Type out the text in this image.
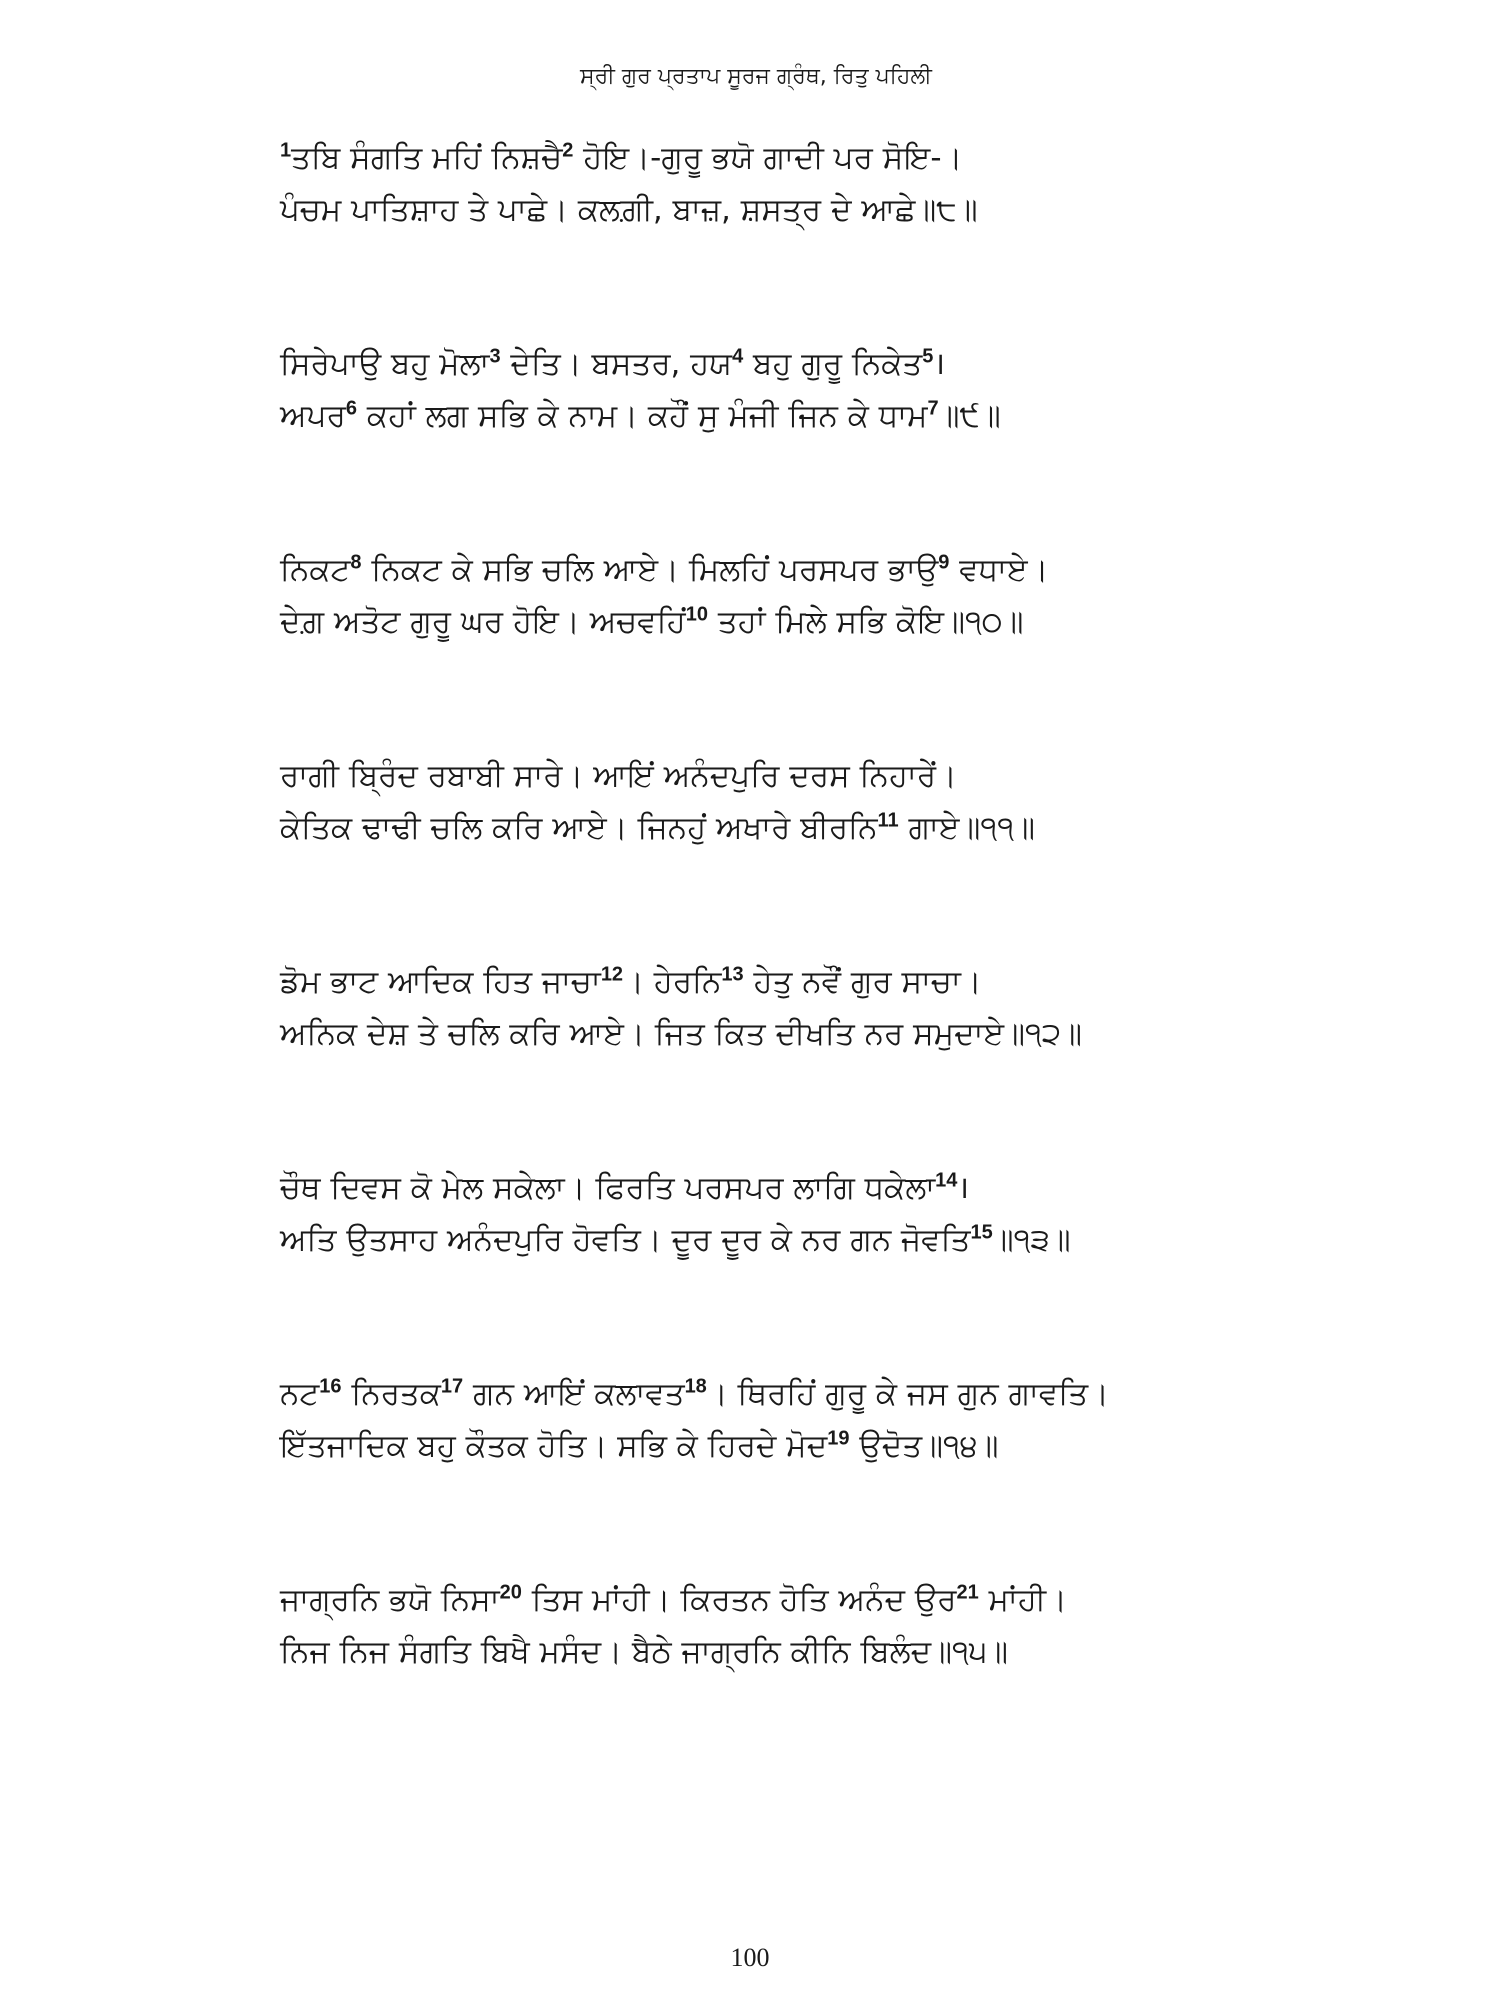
ਸ੍ਰੀ ਗੁਰ ਪ੍ਰਤਾਪ ਸੂਰਜ ਗ੍ਰੰਥ, ਰਿਤੁ ਪਹਿਲੀ
$^1$ਤਬਿ ਸੰਗਤਿ ਮਹਿਂ ਨਿਸ਼ਚੈ$^2$ ਹੋਇ।-ਗੁਰੂ ਭਯੋ ਗਾਦੀ ਪਰ ਸੋਇ-।
ਪੰਚਮ ਪਾਤਿਸ਼ਾਹ ਤੇ ਪਾਛੇ। ਕਲਗ਼ੀ, ਬਾਜ਼, ਸ਼ਸਤ੍ਰ ਦੇ ਆਛੇ॥੮॥
ਸਿਰੇਪਾਉ ਬਹੁ ਮੋਲਾ$^3$ ਦੇਤਿ। ਬਸਤਰ, ਹਯ$^4$ ਬਹੁ ਗੁਰੂ ਨਿਕੇਤ$^5$।
ਅਪਰ$^6$ ਕਹਾਂ ਲਗ ਸਭਿ ਕੇ ਨਾਮ। ਕਹੌਂ ਸੁ ਮੰਜੀ ਜਿਨ ਕੇ ਧਾਮ$^7$॥੯॥
ਨਿਕਟ$^8$ ਨਿਕਟ ਕੇ ਸਭਿ ਚਲਿ ਆਏ। ਮਿਲਹਿਂ ਪਰਸਪਰ ਭਾਉ$^9$ ਵਧਾਏ।
ਦੇਗ਼ ਅਤੋਟ ਗੁਰੂ ਘਰ ਹੋਇ। ਅਚਵਹਿਂ$^{10}$ ਤਹਾਂ ਮਿਲੇ ਸਭਿ ਕੋਇ॥੧੦॥
ਰਾਗੀ ਬ੍ਰਿੰਦ ਰਬਾਬੀ ਸਾਰੇ। ਆਇਂ ਅਨੰਦਪੁਰਿ ਦਰਸ ਨਿਹਾਰੇਂ।
ਕੇਤਿਕ ਢਾਢੀ ਚਲਿ ਕਰਿ ਆਏ। ਜਿਨਹੁਂ ਅਖਾਰੇ ਬੀਰਨਿ$^{11}$ ਗਾਏ॥੧੧॥
ਡੋਮ ਭਾਟ ਆਦਿਕ ਹਿਤ ਜਾਚਾ$^{12}$। ਹੇਰਨਿ$^{13}$ ਹੇਤੁ ਨਵੌਂ ਗੁਰ ਸਾਚਾ।
ਅਨਿਕ ਦੇਸ਼ ਤੇ ਚਲਿ ਕਰਿ ਆਏ। ਜਿਤ ਕਿਤ ਦੀਖਤਿ ਨਰ ਸਮੁਦਾਏ॥੧੨॥
ਚੌਥ ਦਿਵਸ ਕੋ ਮੇਲ ਸਕੇਲਾ। ਫਿਰਤਿ ਪਰਸਪਰ ਲਾਗਿ ਧਕੇਲਾ$^{14}$।
ਅਤਿ ਉਤਸਾਹ ਅਨੰਦਪੁਰਿ ਹੋਵਤਿ। ਦੂਰ ਦੂਰ ਕੇ ਨਰ ਗਨ ਜੋਵਤਿ$^{15}$॥੧੩॥
ਨਟ$^{16}$ ਨਿਰਤਕ$^{17}$ ਗਨ ਆਇਂ ਕਲਾਵਤ$^{18}$। ਥਿਰਹਿਂ ਗੁਰੂ ਕੇ ਜਸ ਗੁਨ ਗਾਵਤਿ।
ਇੱਤਜਾਦਿਕ ਬਹੁ ਕੌਤਕ ਹੋਤਿ। ਸਭਿ ਕੇ ਹਿਰਦੇ ਮੋਦ$^{19}$ ਉਦੋਤ॥੧੪॥
ਜਾਗ੍ਰਨਿ ਭਯੋ ਨਿਸਾ$^{20}$ ਤਿਸ ਮਾਂਹੀ। ਕਿਰਤਨ ਹੋਤਿ ਅਨੰਦ ਉਰ$^{21}$ ਮਾਂਹੀ।
ਨਿਜ ਨਿਜ ਸੰਗਤਿ ਬਿਖੈ ਮਸੰਦ। ਬੈਠੇ ਜਾਗ੍ਰਨਿ ਕੀਨਿ ਬਿਲੰਦ॥੧੫॥
100
